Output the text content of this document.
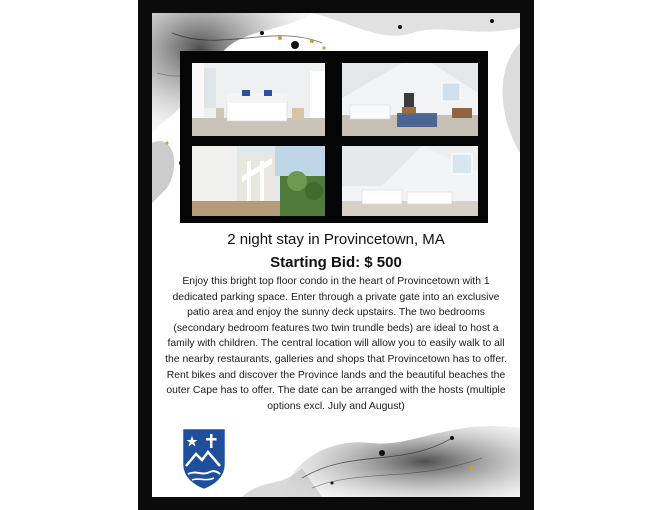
2 night stay in Provincetown, MA
Starting Bid: $ 500
Enjoy this bright top floor condo in the heart of Provincetown with 1 dedicated parking space. Enter through a private gate into an exclusive patio area and enjoy the sunny deck upstairs. The two bedrooms (secondary bedroom features two twin trundle beds) are ideal to host a family with children. The central location will allow you to easily walk to all the nearby restaurants, galleries and shops that Provincetown has to offer. Rent bikes and discover the Province lands and the beautiful beaches the outer Cape has to offer. The date can be arranged with the hosts (multiple options excl. July and August)
